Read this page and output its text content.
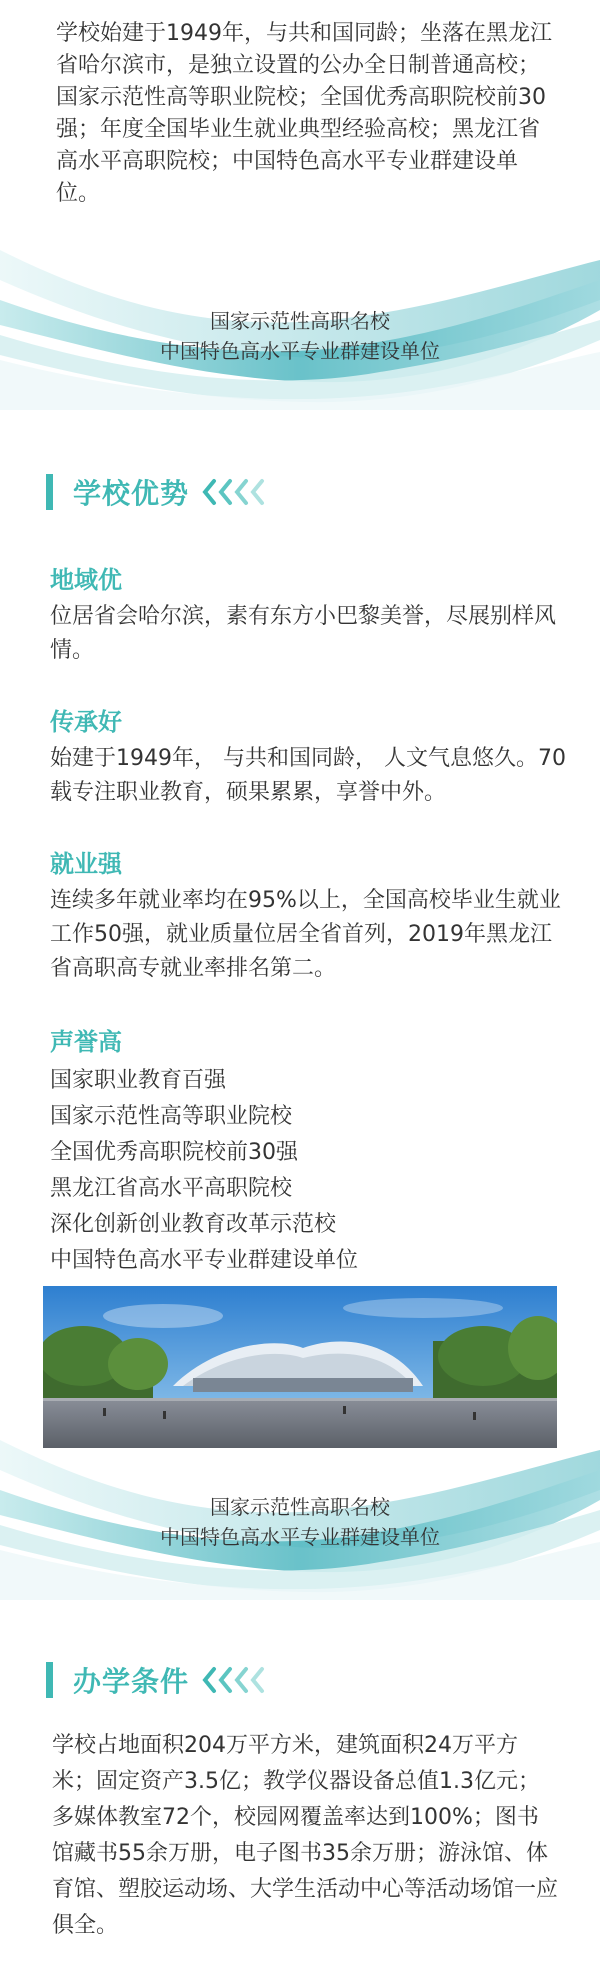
学校始建于1949年，与共和国同龄；坐落在黑龙江省哈尔滨市，是独立设置的公办全日制普通高校；国家示范性高等职业院校；全国优秀高职院校前30强；年度全国毕业生就业典型经验高校；黑龙江省高水平高职院校；中国特色高水平专业群建设单位。

国家示范性高职名校
中国特色高水平专业群建设单位
学校优势
地域优

位居省会哈尔滨，素有东方小巴黎美誉，尽展别样风情。

传承好

始建于1949年， 与共和国同龄， 人文气息悠久。70载专注职业教育，硕果累累，享誉中外。

就业强

连续多年就业率均在95%以上，全国高校毕业生就业工作50强，就业质量位居全省首列，2019年黑龙江省高职高专就业率排名第二。

声誉高
国家职业教育百强
国家示范性高等职业院校
全国优秀高职院校前30强
黑龙江省高水平高职院校
深化创新创业教育改革示范校
中国特色高水平专业群建设单位
国家示范性高职名校
中国特色高水平专业群建设单位
办学条件

学校占地面积204万平方米，建筑面积24万平方米；固定资产3.5亿；教学仪器设备总值1.3亿元；多媒体教室72个，校园网覆盖率达到100%；图书馆藏书55余万册，电子图书35余万册；游泳馆、体育馆、塑胶运动场、大学生活动中心等活动场馆一应俱全。
